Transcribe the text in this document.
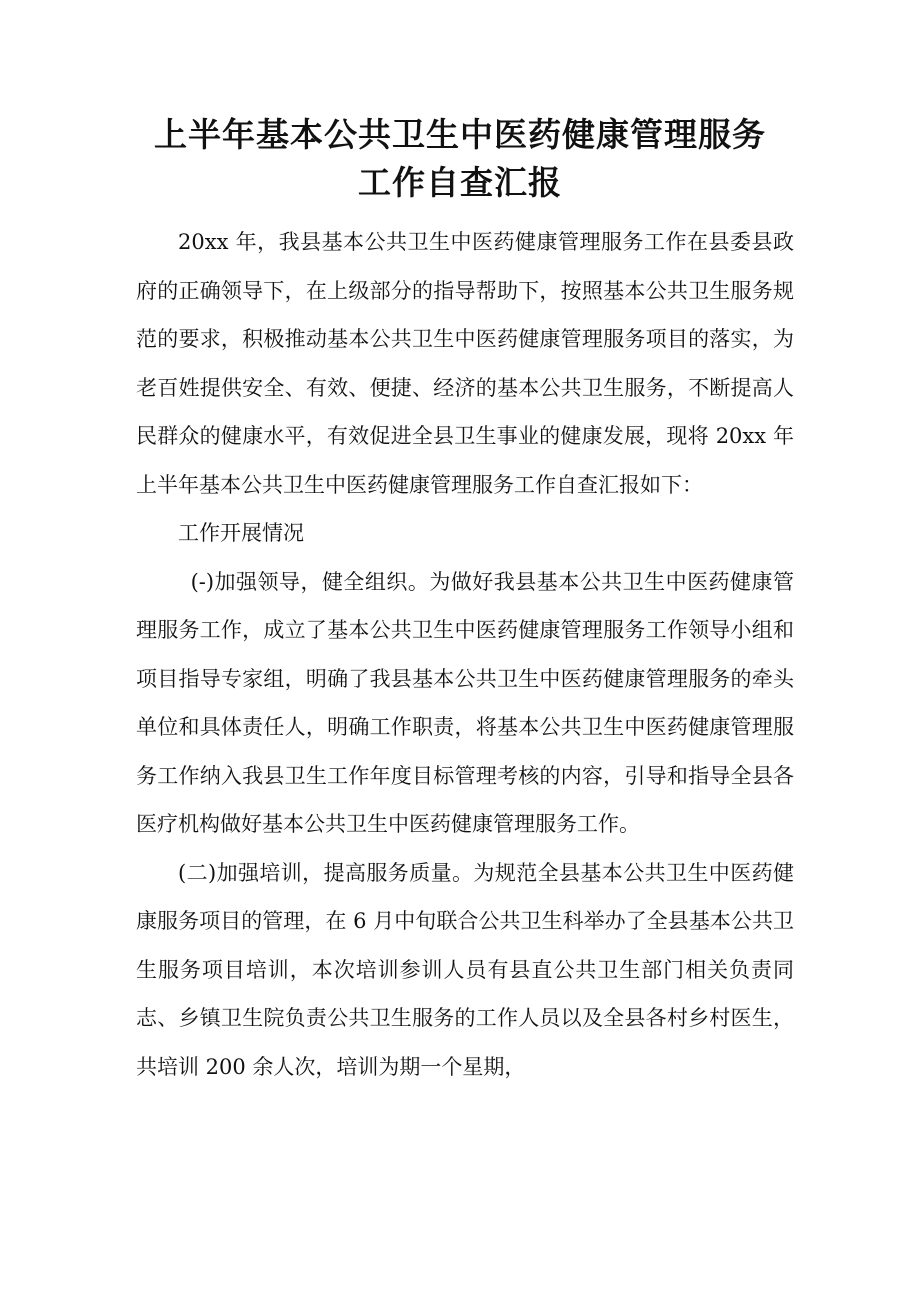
上半年基本公共卫生中医药健康管理服务
工作自查汇报

20xx 年，我县基本公共卫生中医药健康管理服务工作在县委县政府的正确领导下，在上级部分的指导帮助下，按照基本公共卫生服务规范的要求，积极推动基本公共卫生中医药健康管理服务项目的落实，为老百姓提供安全、有效、便捷、经济的基本公共卫生服务，不断提高人民群众的健康水平，有效促进全县卫生事业的健康发展，现将 20xx 年上半年基本公共卫生中医药健康管理服务工作自查汇报如下：

工作开展情况

(-)加强领导，健全组织。为做好我县基本公共卫生中医药健康管理服务工作，成立了基本公共卫生中医药健康管理服务工作领导小组和项目指导专家组，明确了我县基本公共卫生中医药健康管理服务的牵头单位和具体责任人，明确工作职责，将基本公共卫生中医药健康管理服务工作纳入我县卫生工作年度目标管理考核的内容，引导和指导全县各医疗机构做好基本公共卫生中医药健康管理服务工作。

(二)加强培训，提高服务质量。为规范全县基本公共卫生中医药健康服务项目的管理，在 6 月中旬联合公共卫生科举办了全县基本公共卫生服务项目培训，本次培训参训人员有县直公共卫生部门相关负责同志、乡镇卫生院负责公共卫生服务的工作人员以及全县各村乡村医生，共培训 200 余人次，培训为期一个星期，
